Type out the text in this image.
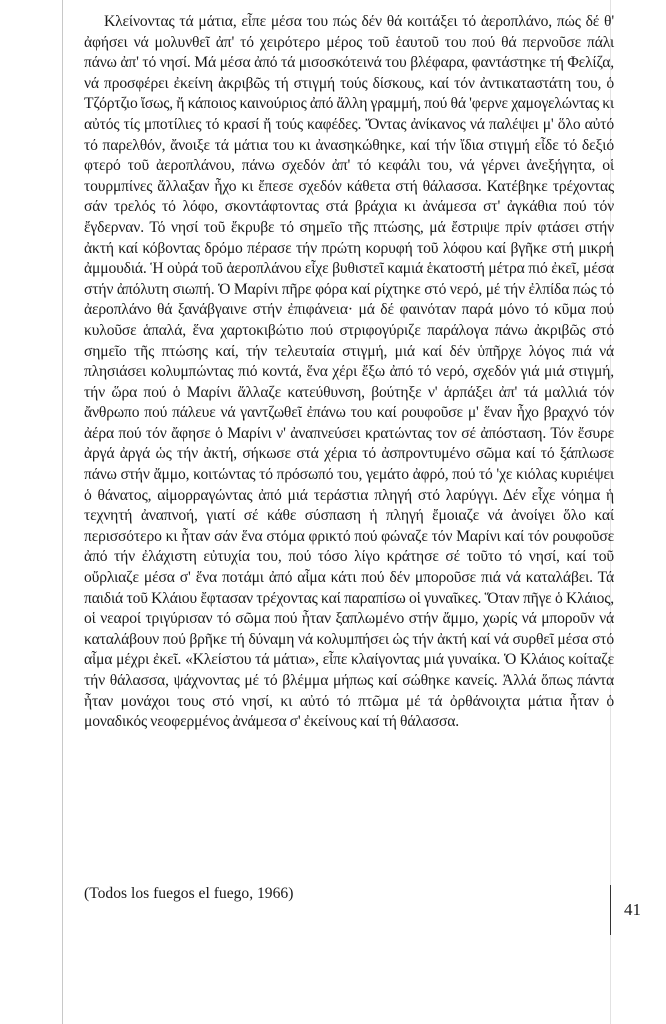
Κλείνοντας τά μάτια, εἶπε μέσα του πώς δέν θά κοιτάξει τό ἀεροπλάνο, πώς δέ θ' ἀφήσει νά μολυνθεῖ ἀπ' τό χειρότερο μέρος τοῦ ἑαυτοῦ του πού θά περνοῦσε πάλι πάνω ἀπ' τό νησί. Μά μέσα ἀπό τά μισοσκότεινά του βλέφαρα, φαντάστηκε τή Φελίζα, νά προσφέρει ἐκείνη ἀκριβῶς τή στιγμή τούς δίσκους, καί τόν ἀντικαταστάτη του, ὁ Τζόρτζιο ἴσως, ἤ κάποιος καινούριος ἀπό ἄλλη γραμμή, πού θά 'φερνε χαμογελώντας κι αὐτός τίς μποτίλιες τό κρασί ἤ τούς καφέδες. Ὄντας ἀνίκανος νά παλέψει μ' ὅλο αὐτό τό παρελθόν, ἄνοιξε τά μάτια του κι ἀνασηκώθηκε, καί τήν ἴδια στιγμή εἶδε τό δεξιό φτερό τοῦ ἀεροπλάνου, πάνω σχεδόν ἀπ' τό κεφάλι του, νά γέρνει ἀνεξήγητα, οἱ τουρμπίνες ἄλλαξαν ἦχο κι ἔπεσε σχεδόν κάθετα στή θάλασσα. Κατέβηκε τρέχοντας σάν τρελός τό λόφο, σκοντάφτοντας στά βράχια κι ἀνάμεσα στ' ἀγκάθια πού τόν ἔγδερναν. Τό νησί τοῦ ἔκρυβε τό σημεῖο τῆς πτώσης, μά ἔστριψε πρίν φτάσει στήν ἀκτή καί κόβοντας δρόμο πέρασε τήν πρώτη κορυφή τοῦ λόφου καί βγῆκε στή μικρή ἀμμουδιά. Ἡ οὐρά τοῦ ἀεροπλάνου εἶχε βυθιστεῖ καμιά ἑκατοστή μέτρα πιό ἐκεῖ, μέσα στήν ἀπόλυτη σιωπή. Ὁ Μαρίνι πῆρε φόρα καί ρίχτηκε στό νερό, μέ τήν ἐλπίδα πώς τό ἀεροπλάνο θά ξανάβγαινε στήν ἐπιφάνεια· μά δέ φαινόταν παρά μόνο τό κῦμα πού κυλοῦσε ἁπαλά, ἕνα χαρτοκιβώτιο πού στριφογύριζε παράλογα πάνω ἀκριβῶς στό σημεῖο τῆς πτώσης καί, τήν τελευταία στιγμή, μιά καί δέν ὑπῆρχε λόγος πιά νά πλησιάσει κολυμπώντας πιό κοντά, ἕνα χέρι ἔξω ἀπό τό νερό, σχεδόν γιά μιά στιγμή, τήν ὥρα πού ὁ Μαρίνι ἄλλαζε κατεύθυνση, βούτηξε ν' ἁρπάξει ἀπ' τά μαλλιά τόν ἄνθρωπο πού πάλευε νά γαντζωθεῖ ἐπάνω του καί ρουφοῦσε μ' ἕναν ἦχο βραχνό τόν ἀέρα πού τόν ἄφησε ὁ Μαρίνι ν' ἀναπνεύσει κρατώντας τον σέ ἀπόσταση. Τόν ἔσυρε ἀργά ἀργά ὡς τήν ἀκτή, σήκωσε στά χέρια τό ἀσπροντυμένο σῶμα καί τό ξάπλωσε πάνω στήν ἄμμο, κοιτώντας τό πρόσωπό του, γεμάτο ἀφρό, πού τό 'χε κιόλας κυριέψει ὁ θάνατος, αἱμορραγώντας ἀπό μιά τεράστια πληγή στό λαρύγγι. Δέν εἶχε νόημα ἡ τεχνητή ἀναπνοή, γιατί σέ κάθε σύσπαση ἡ πληγή ἔμοιαζε νά ἀνοίγει ὅλο καί περισσότερο κι ἦταν σάν ἕνα στόμα φρικτό πού φώναζε τόν Μαρίνι καί τόν ρουφοῦσε ἀπό τήν ἐλάχιστη εὐτυχία του, πού τόσο λίγο κράτησε σέ τοῦτο τό νησί, καί τοῦ οὔρλιαζε μέσα σ' ἕνα ποτάμι ἀπό αἷμα κάτι πού δέν μποροῦσε πιά νά καταλάβει. Τά παιδιά τοῦ Κλάιου ἔφτασαν τρέχοντας καί παραπίσω οἱ γυναῖκες. Ὅταν πῆγε ὁ Κλάιος, οἱ νεαροί τριγύρισαν τό σῶμα πού ἦταν ξαπλωμένο στήν ἄμμο, χωρίς νά μποροῦν νά καταλάβουν πού βρῆκε τή δύναμη νά κολυμπήσει ὡς τήν ἀκτή καί νά συρθεῖ μέσα στό αἷμα μέχρι ἐκεῖ. «Κλείστου τά μάτια», εἶπε κλαίγοντας μιά γυναίκα. Ὁ Κλάιος κοίταζε τήν θάλασσα, ψάχνοντας μέ τό βλέμμα μήπως καί σώθηκε κανείς. Ἀλλά ὅπως πάντα ἦταν μονάχοι τους στό νησί, κι αὐτό τό πτῶμα μέ τά ὀρθάνοιχτα μάτια ἦταν ὁ μοναδικός νεοφερμένος ἀνάμεσα σ' ἐκείνους καί τή θάλασσα.

(Todos los fuegos el fuego, 1966)
41
